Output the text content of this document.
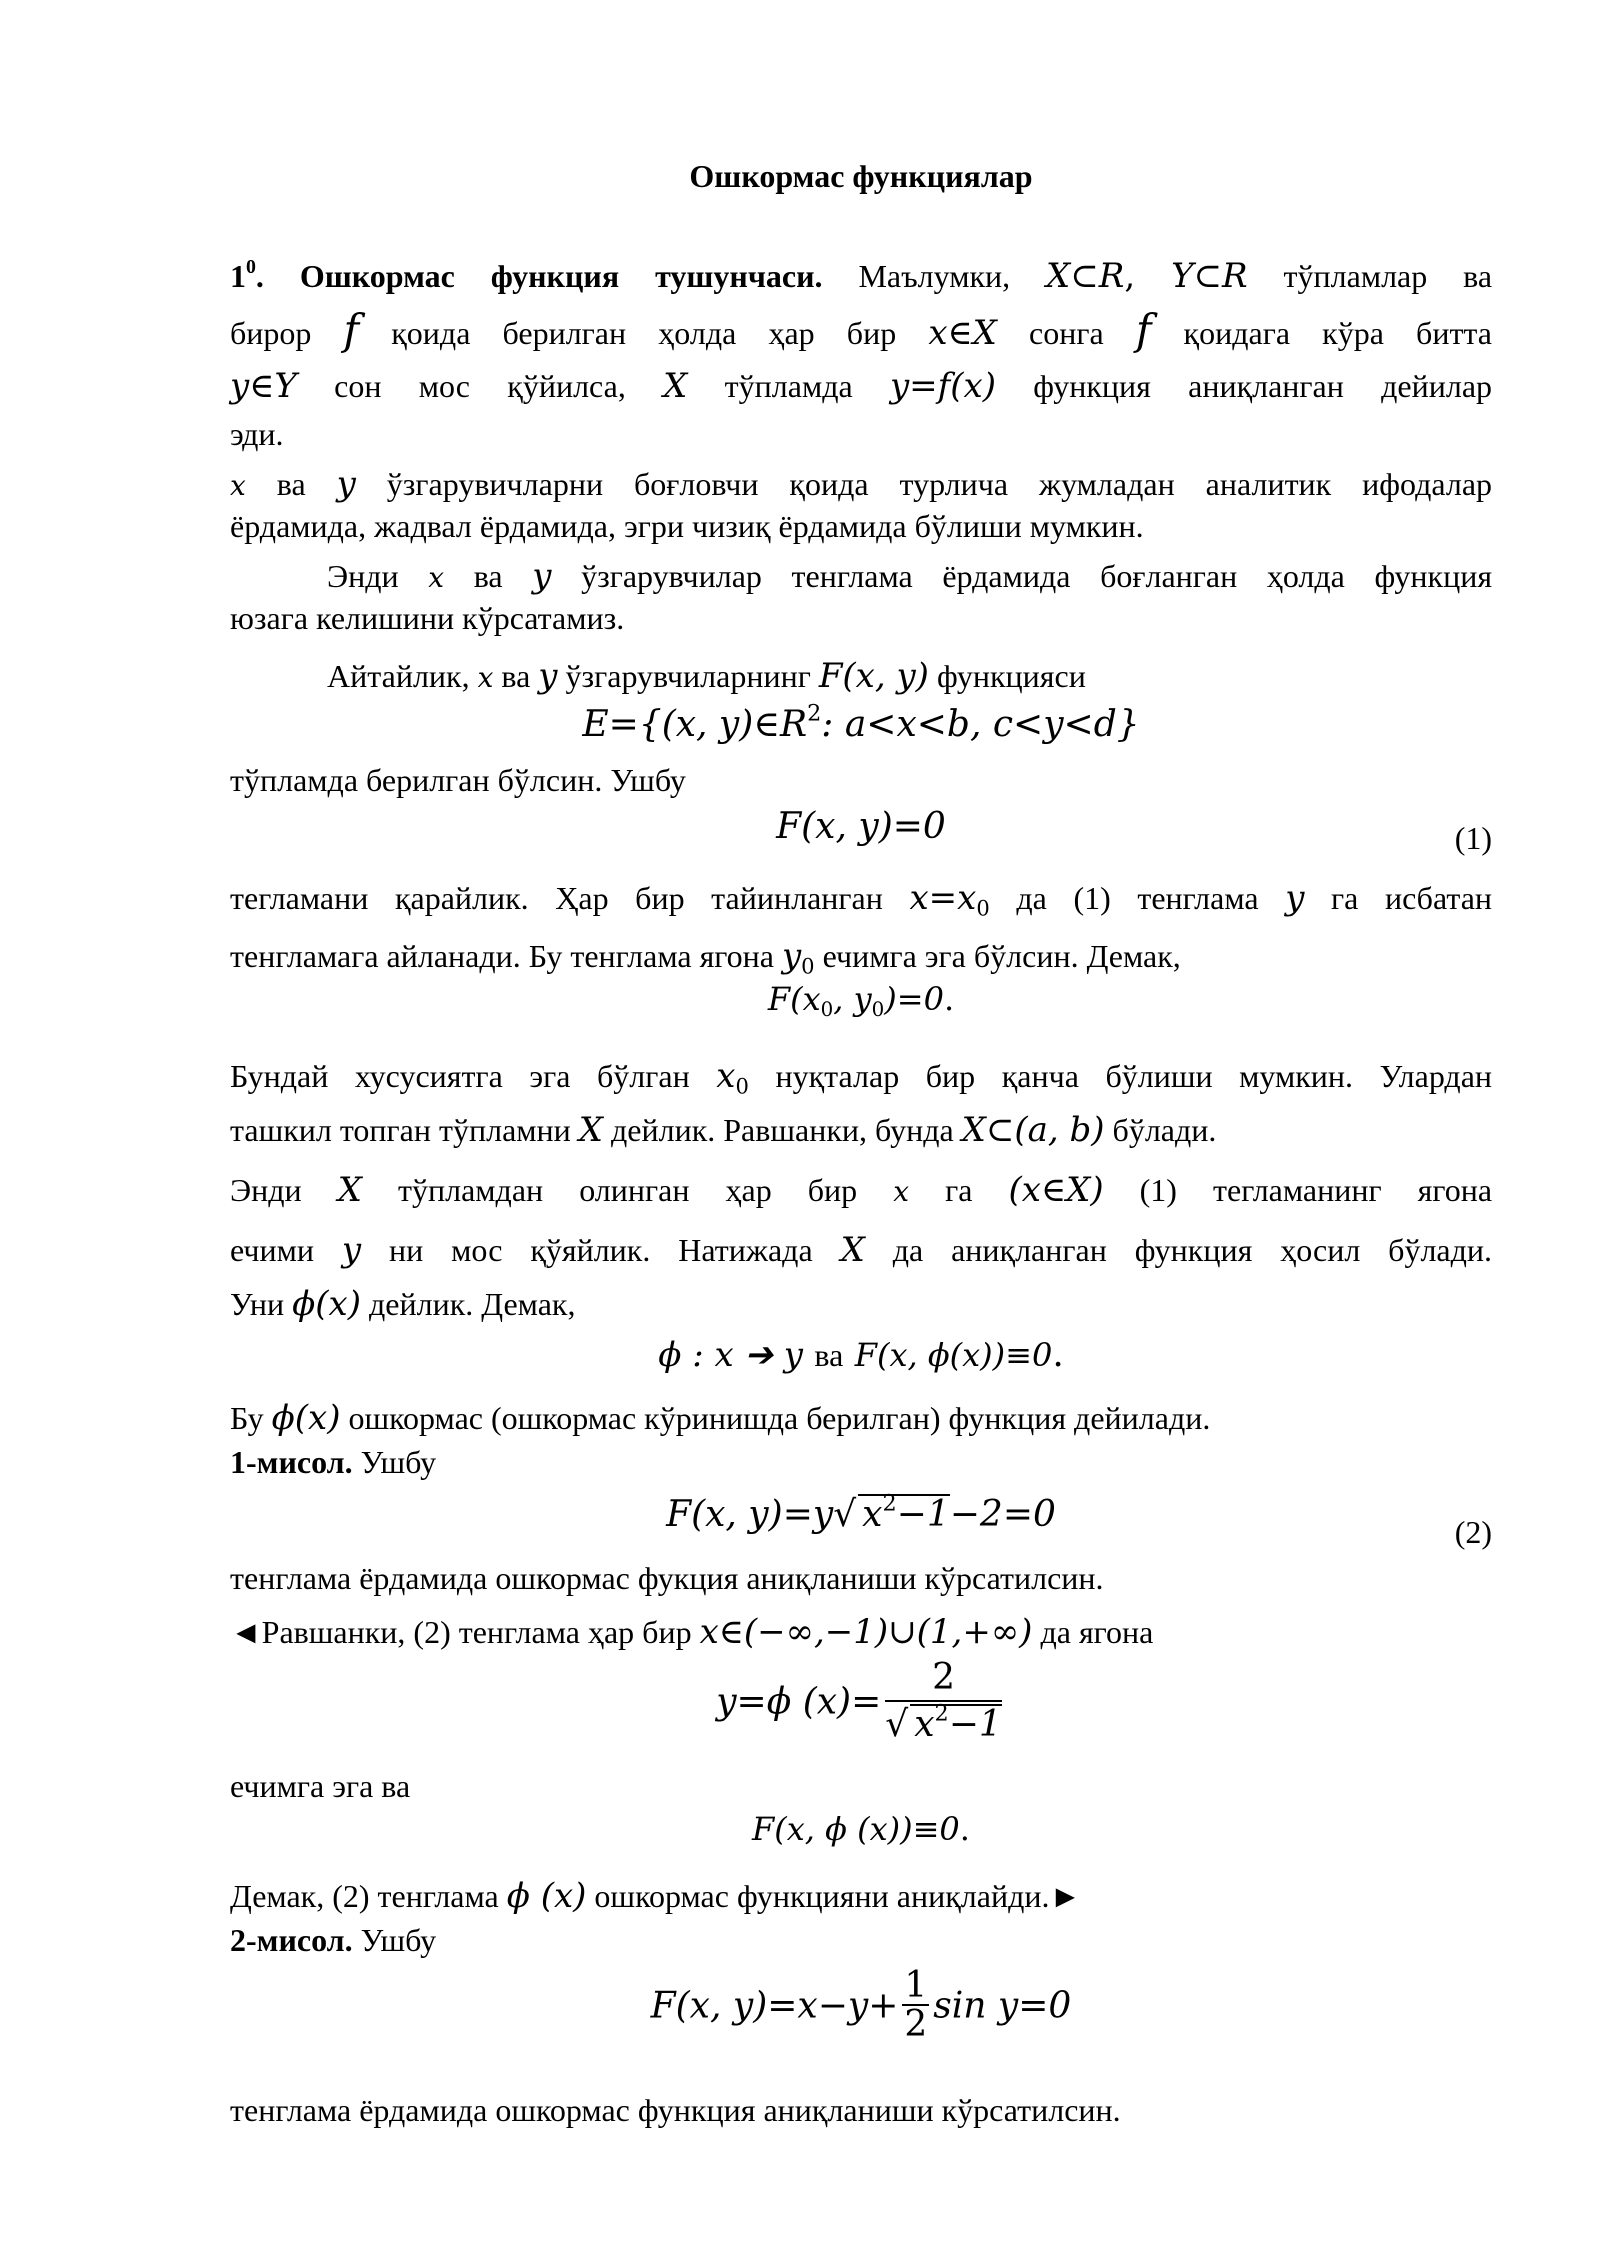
Ошкормас функциялар
$1^0$. Ошкормас функция тушунчаси. Маълумки, X⊂R, Y⊂R тўпламлар ва
бирор f қоида берилган ҳолда ҳар бир x∈X сонга f қоидага кўра битта
y∈Y сон мос қўйилса, X тўпламда y=f(x) функция аниқланган дейилар
эди.
x ва y ўзгарувичларни боғловчи қоида турлича жумладан аналитик ифодалар
ёрдамида, жадвал ёрдамида, эгри чизиқ ёрдамида бўлиши мумкин.
Энди x ва y ўзгарувчилар тенглама ёрдамида боғланган ҳолда функция
юзага келишини кўрсатамиз.
Айтайлик, x ва y ўзгарувчиларнинг F(x, y) функцияси
E={(x, $y)\in R^2$: a<x<b, c<y<d}
тўпламда берилган бўлсин. Ушбу
F(x, y)=0	(1)
тегламани қарайлик. Ҳар бир тайинланган $x=x_0$ да (1) тенглама y га исбатан
тенгламага айланади. Бу тенглама ягона $y_0$ ечимга эга бўлсин. Демак,
$F(x_0$, $y_0)=0$.
Бундай хусусиятга эга бўлган $x_0$ нуқталар бир қанча бўлиши мумкин. Улардан
ташкил топган тўпламни X дейлик. Равшанки, бунда X⊂(a, b) бўлади.
Энди X тўпламдан олинган ҳар бир x га (x∈X) (1) тегламанинг ягона
ечими y ни мос қўяйлик. Натижада X да аниқланган функция ҳосил бўлади.
Уни ϕ(x) дейлик. Демак,
ϕ : x ➔ y ва F(x, ϕ(x))≡0.
Бу ϕ(x) ошкормас (ошкормас кўринишда берилган) функция дейилади.
1-мисол. Ушбу
F(x, y)=y√ $x^2-1-2=0$	(2)
тенглама ёрдамида ошкормас фукция аниқланиши кўрсатилсин.
◄Равшанки, (2) тенглама ҳар бир x∈(−∞,−1)∪(1,+∞) да ягона
y=ϕ $(x)= \frac{2}{√ x^2-1}$
ечимга эга ва
F(x, ϕ (x))≡0.
Демак, (2) тенглама ϕ (x) ошкормас функцияни аниқлайди.►
2-мисол. Ушбу
F(x, $y)=x-y+ \frac{1}{2}$ sin y=0
тенглама ёрдамида ошкормас функция аниқланиши кўрсатилсин.
